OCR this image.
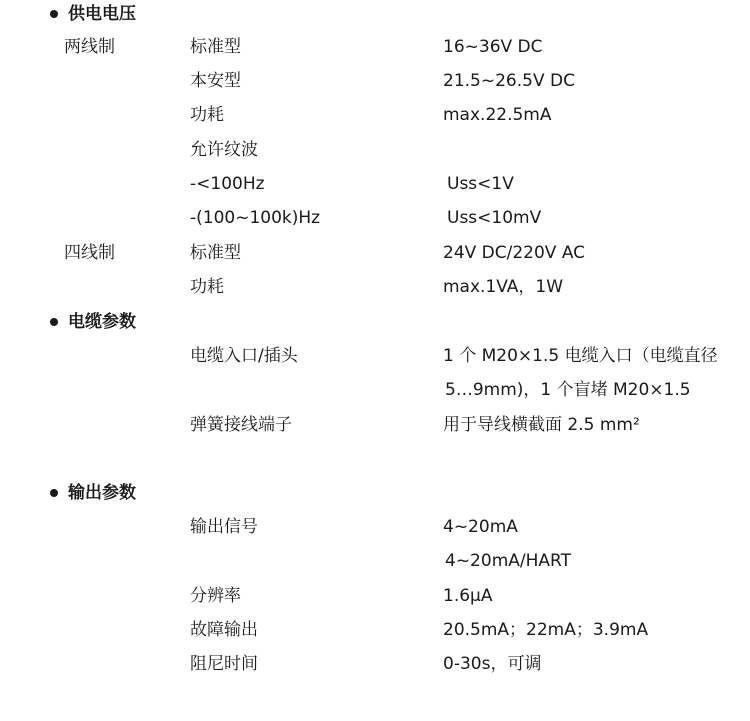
供电电压
两线制	标准型	16~36V DC
本安型	21.5~26.5V DC
功耗	max.22.5mA
允许纹波
-<100Hz	Uss<1V
-(100~100k)Hz	Uss<10mV
四线制	标准型	24V DC/220V AC
功耗	max.1VA，1W
电缆参数
电缆入口/插头	1 个 M20×1.5 电缆入口（电缆直径
5…9mm)，1 个盲堵 M20×1.5
弹簧接线端子	用于导线横截面 2.5 mm²
输出参数
输出信号	4~20mA
4~20mA/HART
分辨率	1.6μA
故障输出	20.5mA；22mA；3.9mA
阻尼时间	0-30s，可调
